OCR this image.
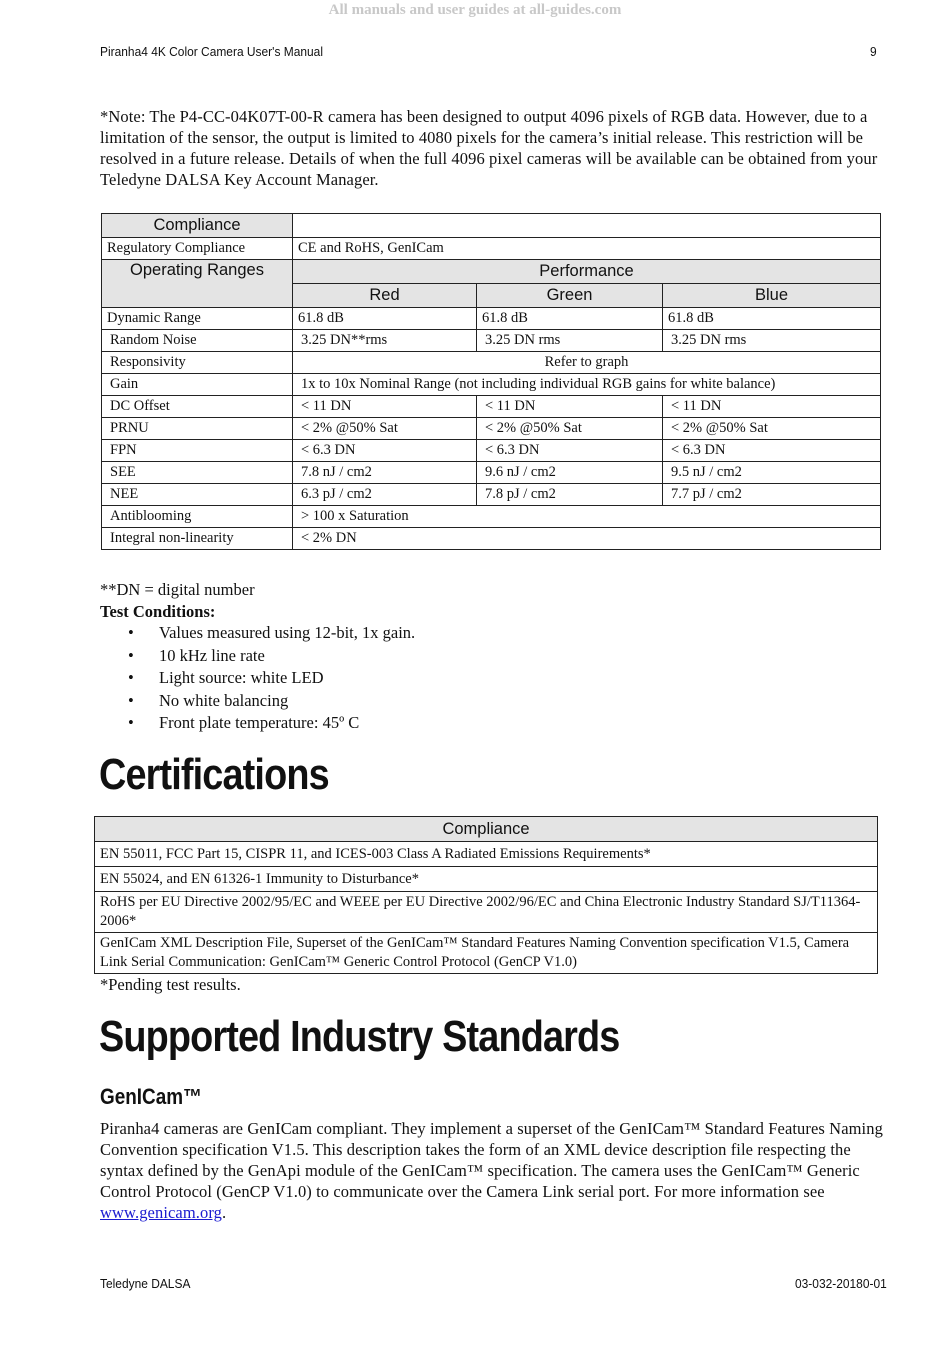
All manuals and user guides at all-guides.com
Piranha4 4K Color Camera User's Manual	9
*Note: The P4-CC-04K07T-00-R camera has been designed to output 4096 pixels of RGB data. However, due to a limitation of the sensor, the output is limited to 4080 pixels for the camera’s initial release. This restriction will be resolved in a future release. Details of when the full 4096 pixel cameras will be available can be obtained from your Teledyne DALSA Key Account Manager.
Compliance			
Regulatory Compliance	CE and RoHS, GenICam		
Operating Ranges	Performance		
	Red	Green	Blue
Dynamic Range	61.8 dB	61.8 dB	61.8 dB
Random Noise	3.25 DN**rms	3.25 DN rms	3.25 DN rms
Responsivity	Refer to graph		
Gain	1x to 10x Nominal Range (not including individual RGB gains for white balance)		
DC Offset	< 11 DN	< 11 DN	< 11 DN
PRNU	< 2% @50% Sat	< 2% @50% Sat	< 2% @50% Sat
FPN	< 6.3 DN	< 6.3 DN	< 6.3 DN
SEE	7.8 nJ / cm2	9.6 nJ / cm2	9.5 nJ / cm2
NEE	6.3 pJ / cm2	7.8 pJ / cm2	7.7 pJ / cm2
Antiblooming	> 100 x Saturation		
Integral non-linearity	< 2% DN		
**DN = digital number
Test Conditions:
• Values measured using 12-bit, 1x gain.
• 10 kHz line rate
• Light source: white LED
• No white balancing
• Front plate temperature: 45º C
Certifications
Compliance
EN 55011, FCC Part 15, CISPR 11, and ICES-003 Class A Radiated Emissions Requirements*
EN 55024, and EN 61326-1 Immunity to Disturbance*
RoHS per EU Directive 2002/95/EC and WEEE per EU Directive 2002/96/EC and China Electronic Industry Standard SJ/T11364-2006*
GenICam XML Description File, Superset of the GenICam™ Standard Features Naming Convention specification V1.5, Camera Link Serial Communication: GenICam™ Generic Control Protocol (GenCP V1.0)
*Pending test results.
Supported Industry Standards
GenICam™
Piranha4 cameras are GenICam compliant. They implement a superset of the GenICam™ Standard Features Naming Convention specification V1.5. This description takes the form of an XML device description file respecting the syntax defined by the GenApi module of the GenICam™ specification. The camera uses the GenICam™ Generic Control Protocol (GenCP V1.0) to communicate over the Camera Link serial port. For more information see www.genicam.org.
Teledyne DALSA	03-032-20180-01
